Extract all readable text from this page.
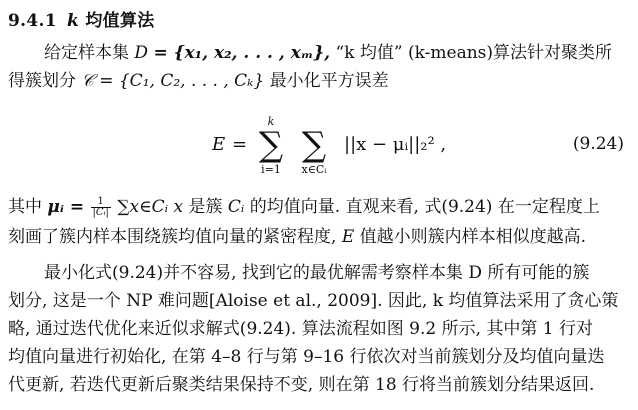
9.4.1 k 均值算法
给定样本集 D = {x₁, x₂, . . . , xₘ}, “k 均值” (k-means)算法针对聚类所
得簇划分 𝒞 = {C₁, C₂, . . . , Cₖ} 最小化平方误差
E =
k
∑
i=1
∑
x∈Cᵢ
||x − μᵢ||₂² ,	(9.24)
其中 μᵢ = $\frac{1}{\text{|Cᵢ|}}$ ∑x∈Cᵢ x 是簇 Cᵢ 的均值向量. 直观来看, 式(9.24) 在一定程度上
刻画了簇内样本围绕簇均值向量的紧密程度, E 值越小则簇内样本相似度越高.
最小化式(9.24)并不容易, 找到它的最优解需考察样本集 D 所有可能的簇
划分, 这是一个 NP 难问题[Aloise et al., 2009]. 因此, k 均值算法采用了贪心策
略, 通过迭代优化来近似求解式(9.24). 算法流程如图 9.2 所示, 其中第 1 行对
均值向量进行初始化, 在第 4–8 行与第 9–16 行依次对当前簇划分及均值向量迭
代更新, 若迭代更新后聚类结果保持不变, 则在第 18 行将当前簇划分结果返回.
